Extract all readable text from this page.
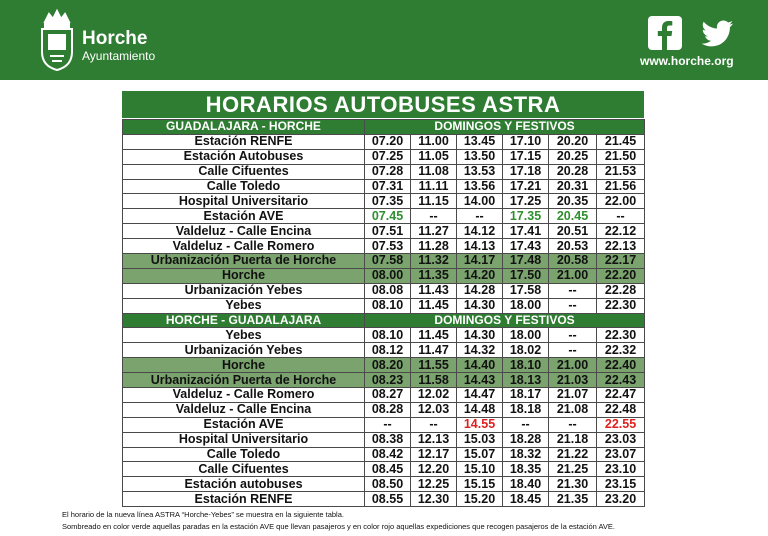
Horche
Ayuntamiento	www.horche.org
HORARIOS AUTOBUSES ASTRA
GUADALAJARA - HORCHE	DOMINGOS Y FESTIVOS					
Estación RENFE	07.20	11.00	13.45	17.10	20.20	21.45
Estación Autobuses	07.25	11.05	13.50	17.15	20.25	21.50
Calle Cifuentes	07.28	11.08	13.53	17.18	20.28	21.53
Calle Toledo	07.31	11.11	13.56	17.21	20.31	21.56
Hospital Universitario	07.35	11.15	14.00	17.25	20.35	22.00
Estación AVE	07.45	--	--	17.35	20.45	--
Valdeluz - Calle Encina	07.51	11.27	14.12	17.41	20.51	22.12
Valdeluz - Calle Romero	07.53	11.28	14.13	17.43	20.53	22.13
Urbanización Puerta de Horche	07.58	11.32	14.17	17.48	20.58	22.17
Horche	08.00	11.35	14.20	17.50	21.00	22.20
Urbanización Yebes	08.08	11.43	14.28	17.58	--	22.28
Yebes	08.10	11.45	14.30	18.00	--	22.30
HORCHE - GUADALAJARA	DOMINGOS Y FESTIVOS					
Yebes	08.10	11.45	14.30	18.00	--	22.30
Urbanización Yebes	08.12	11.47	14.32	18.02	--	22.32
Horche	08.20	11.55	14.40	18.10	21.00	22.40
Urbanización Puerta de Horche	08.23	11.58	14.43	18.13	21.03	22.43
Valdeluz - Calle Romero	08.27	12.02	14.47	18.17	21.07	22.47
Valdeluz - Calle Encina	08.28	12.03	14.48	18.18	21.08	22.48
Estación AVE	--	--	14.55	--	--	22.55
Hospital Universitario	08.38	12.13	15.03	18.28	21.18	23.03
Calle Toledo	08.42	12.17	15.07	18.32	21.22	23.07
Calle Cifuentes	08.45	12.20	15.10	18.35	21.25	23.10
Estación autobuses	08.50	12.25	15.15	18.40	21.30	23.15
Estación RENFE	08.55	12.30	15.20	18.45	21.35	23.20
El horario de la nueva línea ASTRA “Horche-Yebes” se muestra en la siguiente tabla.
Sombreado en color verde aquellas paradas en la estación AVE que llevan pasajeros y en color rojo aquellas expediciones que recogen pasajeros de la estación AVE.
